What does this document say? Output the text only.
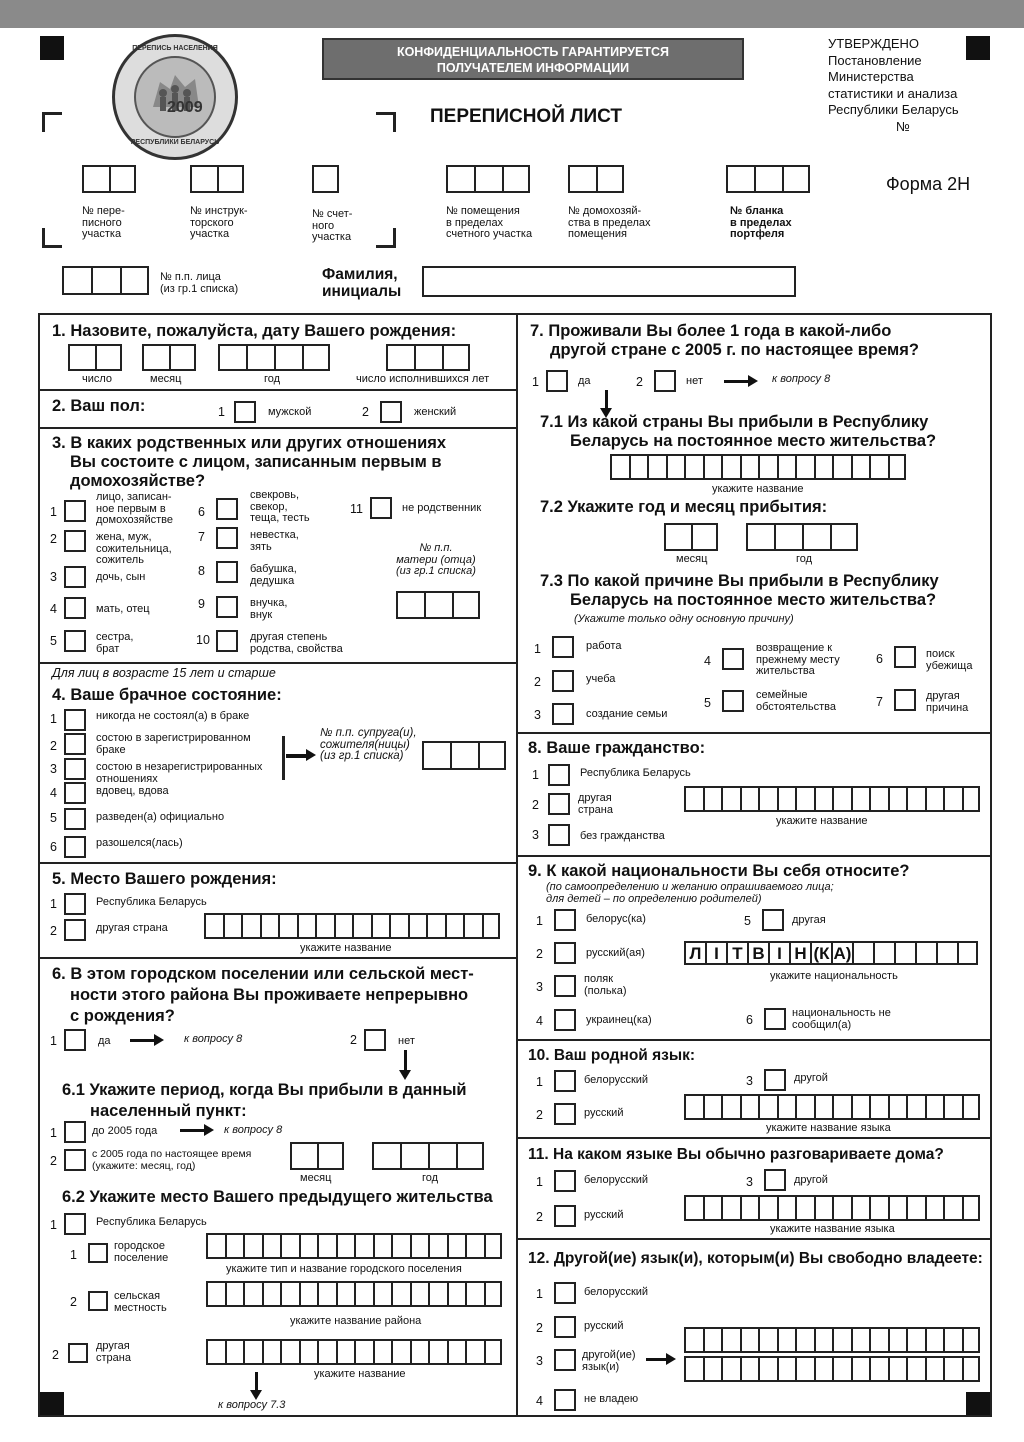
2009
ПЕРЕПИСЬ НАСЕЛЕНИЯ
РЕСПУБЛИКИ БЕЛАРУСЬ
КОНФИДЕНЦИАЛЬНОСТЬ ГАРАНТИРУЕТСЯ
ПОЛУЧАТЕЛЕМ ИНФОРМАЦИИ
УТВЕРЖДЕНО
Постановление
Министерства
статистики и анализа
Республики Беларусь
№
ПЕРЕПИСНОЙ ЛИСТ
Форма 2Н
№ пере-
писного
участка
№ инструк-
торского
участка
№ счет-
ного
участка
№ помещения
в пределах
счетного участка
№ домохозяй-
ства в пределах
помещения
№ бланка
в пределах
портфеля
№ п.п. лица
(из гр.1 списка)
Фамилия,
инициалы
1. Назовите, пожалуйста, дату Вашего рождения:
число	месяц	год	число исполнившихся лет
2. Ваш пол:	1	мужской	2	женский
3. В каких родственных или других отношениях
Вы состоите с лицом, записанным первым в
домохозяйстве?
1
лицо, записан-
ное первым в
домохозяйстве
2	жена, муж,
сожительница,
сожитель
3	дочь, сын
4	мать, отец
5	сестра,
брат
6
свекровь,
свекор,
теща, тесть
7	невестка,
зять
8	бабушка,
дедушка
9	внучка,
внук
10	другая степень
родства, свойства
11	не родственник
№ п.п.
матери (отца)
(из гр.1 списка)
Для лиц в возрасте 15 лет и старше
4. Ваше брачное состояние:
1	никогда не состоял(а) в браке
2
состою в зарегистрированном
браке
3	состою в незарегистрированных
отношениях
4	вдовец, вдова
5	разведен(а) официально
6	разошелся(лась)
№ п.п. супруга(и),
сожителя(ницы)
(из гр.1 списка)
5. Место Вашего рождения:
1	Республика Беларусь
2	другая страна
укажите название
6. В этом городском поселении или сельской мест-
ности этого района Вы проживаете непрерывно
с рождения?
1	да	к вопросу 8	2	нет
6.1 Укажите период, когда Вы прибыли в данный
населенный пункт:
1	до 2005 года	к вопросу 8
2	с 2005 года по настоящее время
(укажите: месяц, год)
месяц	год
6.2 Укажите место Вашего предыдущего жительства
1	Республика Беларусь
1
городское
поселение
укажите тип и название городского поселения
2	сельская
местность
укажите название района
2
другая
страна
укажите название
к вопросу 7.3
7. Проживали Вы более 1 года в какой-либо
другой стране с 2005 г. по настоящее время?
1	да	2	нет	к вопросу 8
7.1 Из какой страны Вы прибыли в Республику
Беларусь на постоянное место жительства?
укажите название
7.2 Укажите год и месяц прибытия:
месяц	год
7.3 По какой причине Вы прибыли в Республику
Беларусь на постоянное место жительства?
(Укажите только одну основную причину)
1	работа
2	учеба
3	создание семьи
4
возвращение к
прежнему месту
жительства
5
семейные
обстоятельства
6	поиск
убежища
7	другая
причина
8. Ваше гражданство:
1	Республика Беларусь
2	другая
страна
укажите название
3	без гражданства
9. К какой национальности Вы себя относите?
(по самоопределению и желанию опрашиваемого лица;
для детей – по определению родителей)
1	белорус(ка)
2	русский(ая)
3
поляк
(полька)
4	украинец(ка)
5	другая
Л І Т В І Н (К А)
укажите национальность
6	национальность не
сообщил(а)
10. Ваш родной язык:
1	белорусский
2	русский
3	другой
укажите название языка
11. На каком языке Вы обычно разговариваете дома?
1	белорусский
2	русский
3	другой
укажите название языка
12. Другой(ие) язык(и), которым(и) Вы свободно владеете:
1	белорусский
2	русский
3	другой(ие)
язык(и)
4	не владею
